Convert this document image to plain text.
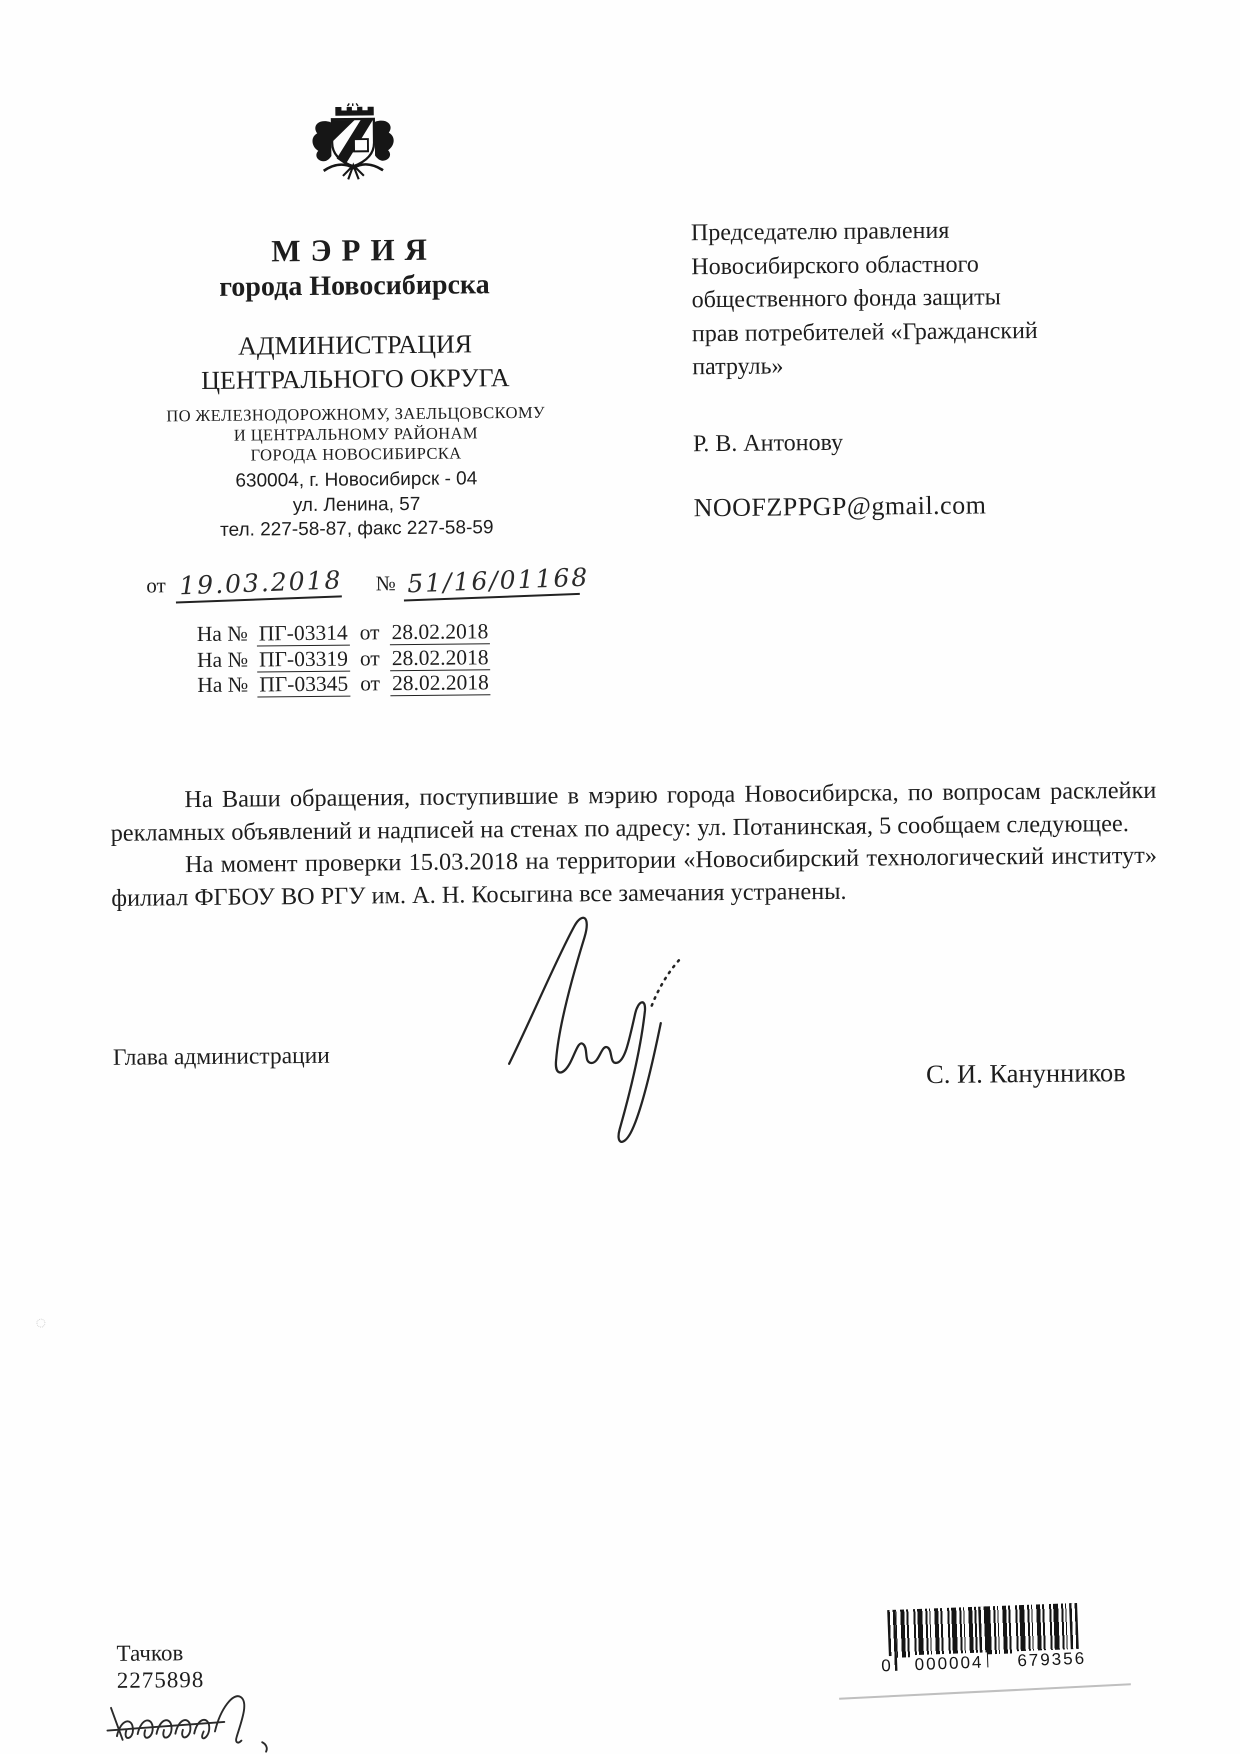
МЭРИЯ
города Новосибирска
АДМИНИСТРАЦИЯ
ЦЕНТРАЛЬНОГО ОКРУГА
ПО ЖЕЛЕЗНОДОРОЖНОМУ, ЗАЕЛЬЦОВСКОМУ
И ЦЕНТРАЛЬНОМУ РАЙОНАМ
ГОРОДА НОВОСИБИРСКА
630004, г. Новосибирск - 04
ул. Ленина, 57
тел. 227-58-87, факс 227-58-59
от 19.03.2018 № 51/16/01168
На № ПГ-03314 от 28.02.2018
На № ПГ-03319 от 28.02.2018
На № ПГ-03345 от 28.02.2018
Председателю правления
Новосибирского областного
общественного фонда защиты
прав потребителей «Гражданский
патруль»
Р. В. Антонову
NOOFZPPGP@gmail.com

На Ваши обращения, поступившие в мэрию города Новосибирска, по вопросам расклейки рекламных объявлений и надписей на стенах по адресу: ул. Потанинская, 5 сообщаем следующее.

На момент проверки 15.03.2018 на территории «Новосибирский технологический институт» филиал ФГБОУ ВО РГУ им. А. Н. Косыгина все замечания устранены.

Глава администрации
С. И. Канунников
Тачков
2275898
0 000004 679356
